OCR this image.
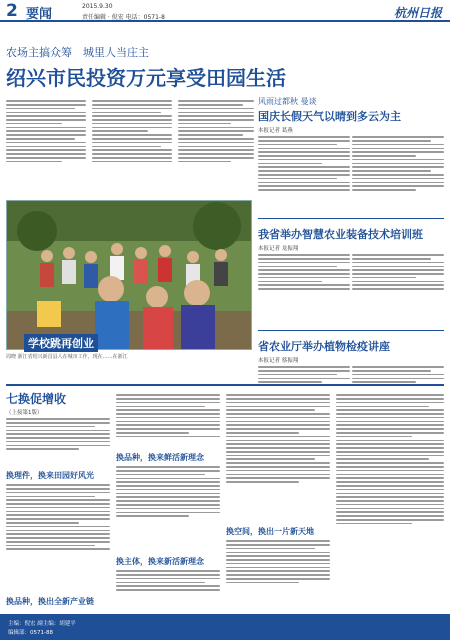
2 要闻
2015.9.30
责任编辑 · 倪宏 电话：0571-8	杭州日报
农场主搞众筹　城里人当庄主
绍兴市民投资万元享受田园生活
学校跳再创业
周晓 浙江省绍兴新昌县人在城市工作，现在……在浙江
风雨过都秋 曼谈
国庆长假天气以晴到多云为主
本报记者 葛燕
我省举办智慧农业装备技术培训班
本报记者 龙振翔
省农业厅举办植物检疫讲座
本报记者 蔡振翔
七换促增收
（上接第1版）
换理件，换来田园好风光
换品种，换出全新产业链
换品种，换来鲜活新理念
换空间，换出一片新天地
换主体，换来新活新理念
主编：倪宏 副主编：胡建平
编辑部：0571-88
